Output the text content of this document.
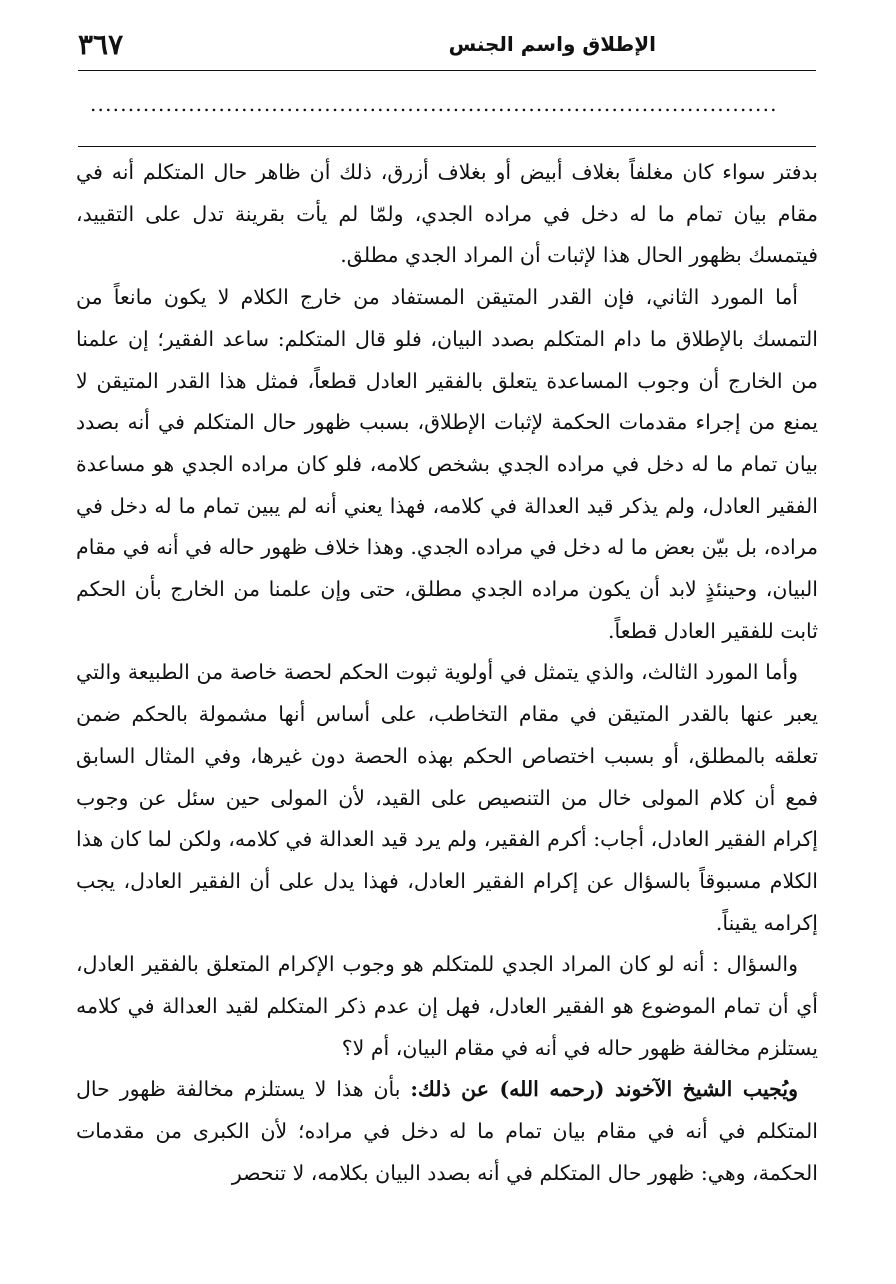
الإطلاق واسم الجنس
٣٦٧
...........................................................................................

بدفتر سواء كان مغلفاً بغلاف أبيض أو بغلاف أزرق، ذلك أن ظاهر حال المتكلم أنه في مقام بيان تمام ما له دخل في مراده الجدي، ولمّا لم يأت بقرينة تدل على التقييد، فيتمسك بظهور الحال هذا لإثبات أن المراد الجدي مطلق.

أما المورد الثاني، فإن القدر المتيقن المستفاد من خارج الكلام لا يكون مانعاً من التمسك بالإطلاق ما دام المتكلم بصدد البيان، فلو قال المتكلم: ساعد الفقير؛ إن علمنا من الخارج أن وجوب المساعدة يتعلق بالفقير العادل قطعاً، فمثل هذا القدر المتيقن لا يمنع من إجراء مقدمات الحكمة لإثبات الإطلاق، بسبب ظهور حال المتكلم في أنه بصدد بيان تمام ما له دخل في مراده الجدي بشخص كلامه، فلو كان مراده الجدي هو مساعدة الفقير العادل، ولم يذكر قيد العدالة في كلامه، فهذا يعني أنه لم يبين تمام ما له دخل في مراده، بل بيّن بعض ما له دخل في مراده الجدي. وهذا خلاف ظهور حاله في أنه في مقام البيان، وحينئذٍ لابد أن يكون مراده الجدي مطلق، حتى وإن علمنا من الخارج بأن الحكم ثابت للفقير العادل قطعاً.

وأما المورد الثالث، والذي يتمثل في أولوية ثبوت الحكم لحصة خاصة من الطبيعة والتي يعبر عنها بالقدر المتيقن في مقام التخاطب، على أساس أنها مشمولة بالحكم ضمن تعلقه بالمطلق، أو بسبب اختصاص الحكم بهذه الحصة دون غيرها، وفي المثال السابق فمع أن كلام المولى خال من التنصيص على القيد، لأن المولى حين سئل عن وجوب إكرام الفقير العادل، أجاب: أكرم الفقير، ولم يرد قيد العدالة في كلامه، ولكن لما كان هذا الكلام مسبوقاً بالسؤال عن إكرام الفقير العادل، فهذا يدل على أن الفقير العادل، يجب إكرامه يقيناً.

والسؤال : أنه لو كان المراد الجدي للمتكلم هو وجوب الإكرام المتعلق بالفقير العادل، أي أن تمام الموضوع هو الفقير العادل، فهل إن عدم ذكر المتكلم لقيد العدالة في كلامه يستلزم مخالفة ظهور حاله في أنه في مقام البيان، أم لا؟

ويُجيب الشيخ الآخوند (رحمه الله) عن ذلك: بأن هذا لا يستلزم مخالفة ظهور حال المتكلم في أنه في مقام بيان تمام ما له دخل في مراده؛ لأن الكبرى من مقدمات الحكمة، وهي: ظهور حال المتكلم في أنه بصدد البيان بكلامه، لا تنحصر
